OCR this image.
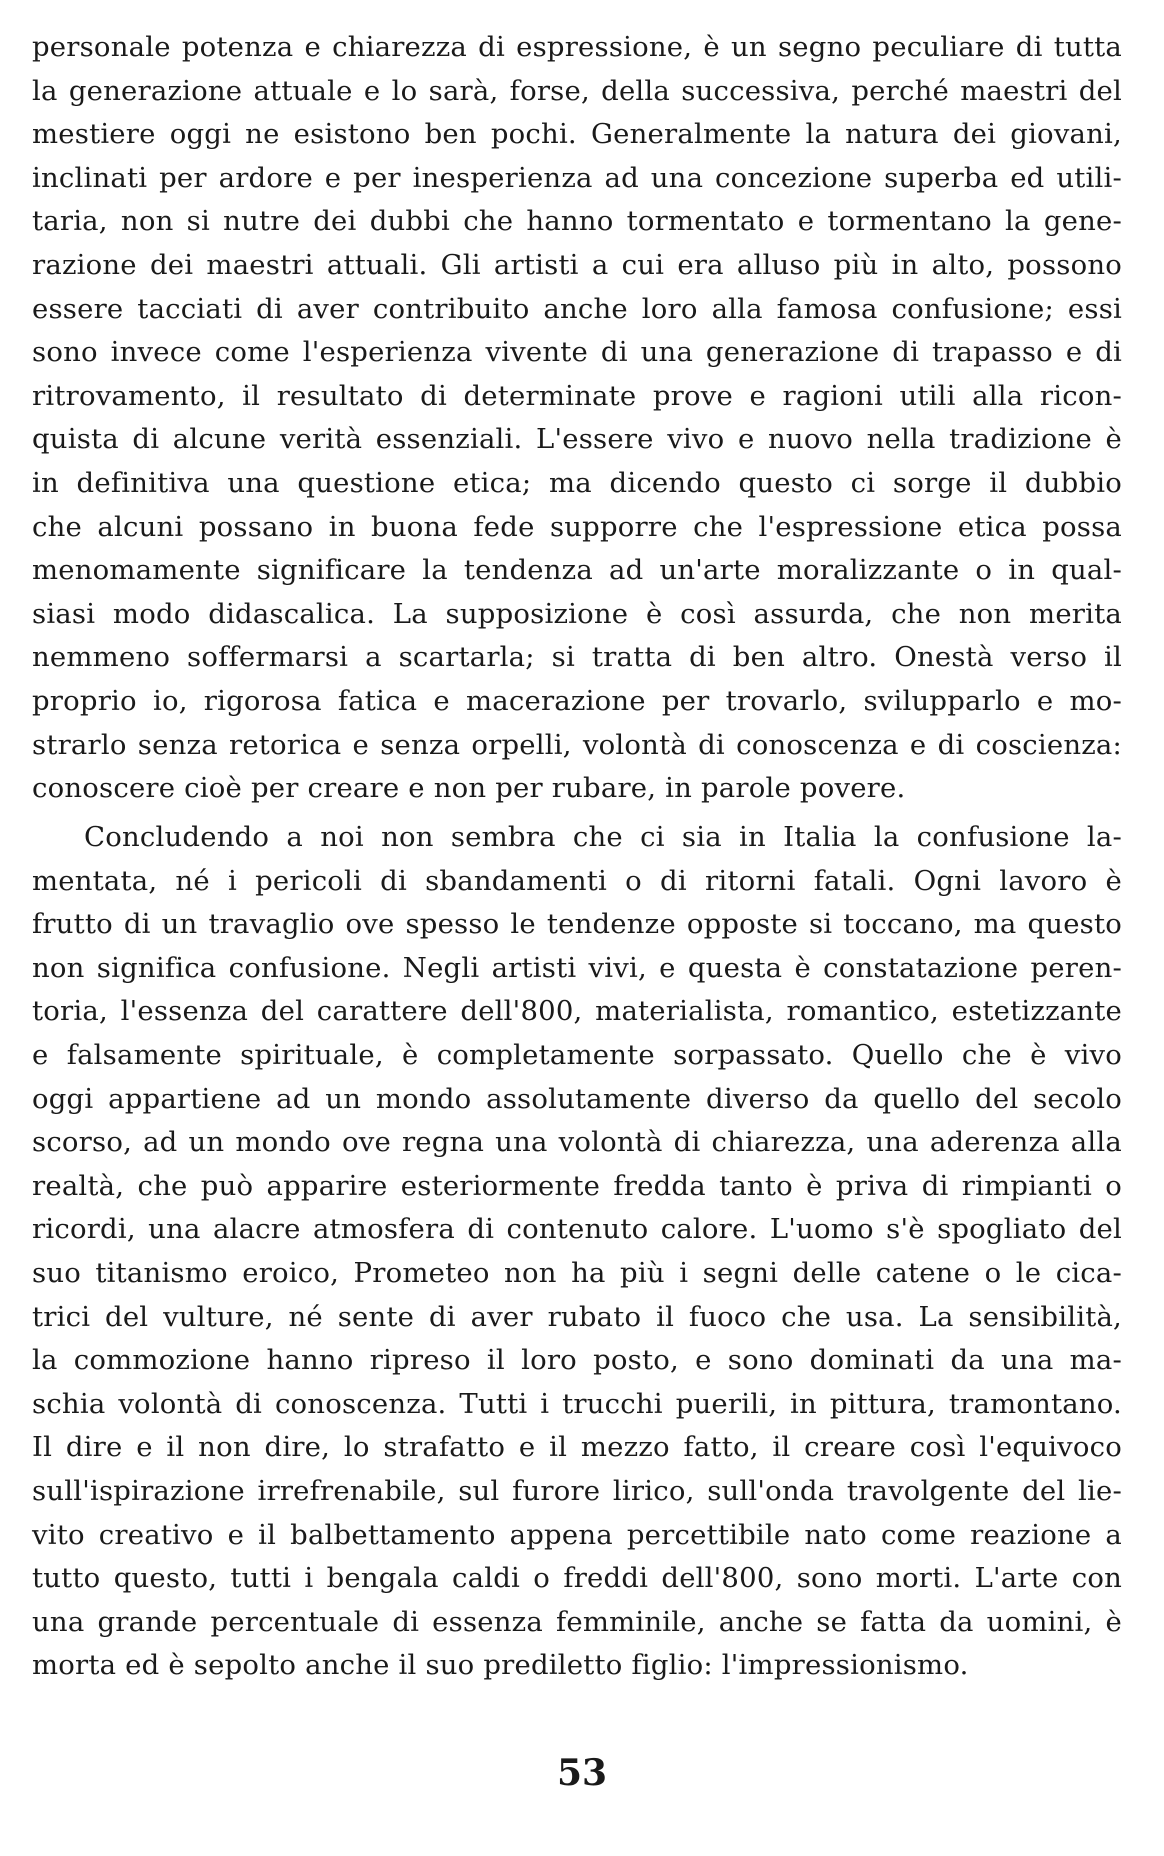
personale potenza e chiarezza di espressione, è un segno peculiare di tutta
la generazione attuale e lo sarà, forse, della successiva, perché maestri del
mestiere oggi ne esistono ben pochi. Generalmente la natura dei giovani,
inclinati per ardore e per inesperienza ad una concezione superba ed utili-
taria, non si nutre dei dubbi che hanno tormentato e tormentano la gene-
razione dei maestri attuali. Gli artisti a cui era alluso più in alto, possono
essere tacciati di aver contribuito anche loro alla famosa confusione; essi
sono invece come l'esperienza vivente di una generazione di trapasso e di
ritrovamento, il resultato di determinate prove e ragioni utili alla ricon-
quista di alcune verità essenziali. L'essere vivo e nuovo nella tradizione è
in definitiva una questione etica; ma dicendo questo ci sorge il dubbio
che alcuni possano in buona fede supporre che l'espressione etica possa
menomamente significare la tendenza ad un'arte moralizzante o in qual-
siasi modo didascalica. La supposizione è così assurda, che non merita
nemmeno soffermarsi a scartarla; si tratta di ben altro. Onestà verso il
proprio io, rigorosa fatica e macerazione per trovarlo, svilupparlo e mo-
strarlo senza retorica e senza orpelli, volontà di conoscenza e di coscienza:
conoscere cioè per creare e non per rubare, in parole povere.
Concludendo a noi non sembra che ci sia in Italia la confusione la-
mentata, né i pericoli di sbandamenti o di ritorni fatali. Ogni lavoro è
frutto di un travaglio ove spesso le tendenze opposte si toccano, ma questo
non significa confusione. Negli artisti vivi, e questa è constatazione peren-
toria, l'essenza del carattere dell'800, materialista, romantico, estetizzante
e falsamente spirituale, è completamente sorpassato. Quello che è vivo
oggi appartiene ad un mondo assolutamente diverso da quello del secolo
scorso, ad un mondo ove regna una volontà di chiarezza, una aderenza alla
realtà, che può apparire esteriormente fredda tanto è priva di rimpianti o
ricordi, una alacre atmosfera di contenuto calore. L'uomo s'è spogliato del
suo titanismo eroico, Prometeo non ha più i segni delle catene o le cica-
trici del vulture, né sente di aver rubato il fuoco che usa. La sensibilità,
la commozione hanno ripreso il loro posto, e sono dominati da una ma-
schia volontà di conoscenza. Tutti i trucchi puerili, in pittura, tramontano.
Il dire e il non dire, lo strafatto e il mezzo fatto, il creare così l'equivoco
sull'ispirazione irrefrenabile, sul furore lirico, sull'onda travolgente del lie-
vito creativo e il balbettamento appena percettibile nato come reazione a
tutto questo, tutti i bengala caldi o freddi dell'800, sono morti. L'arte con
una grande percentuale di essenza femminile, anche se fatta da uomini, è
morta ed è sepolto anche il suo prediletto figlio: l'impressionismo.
53
